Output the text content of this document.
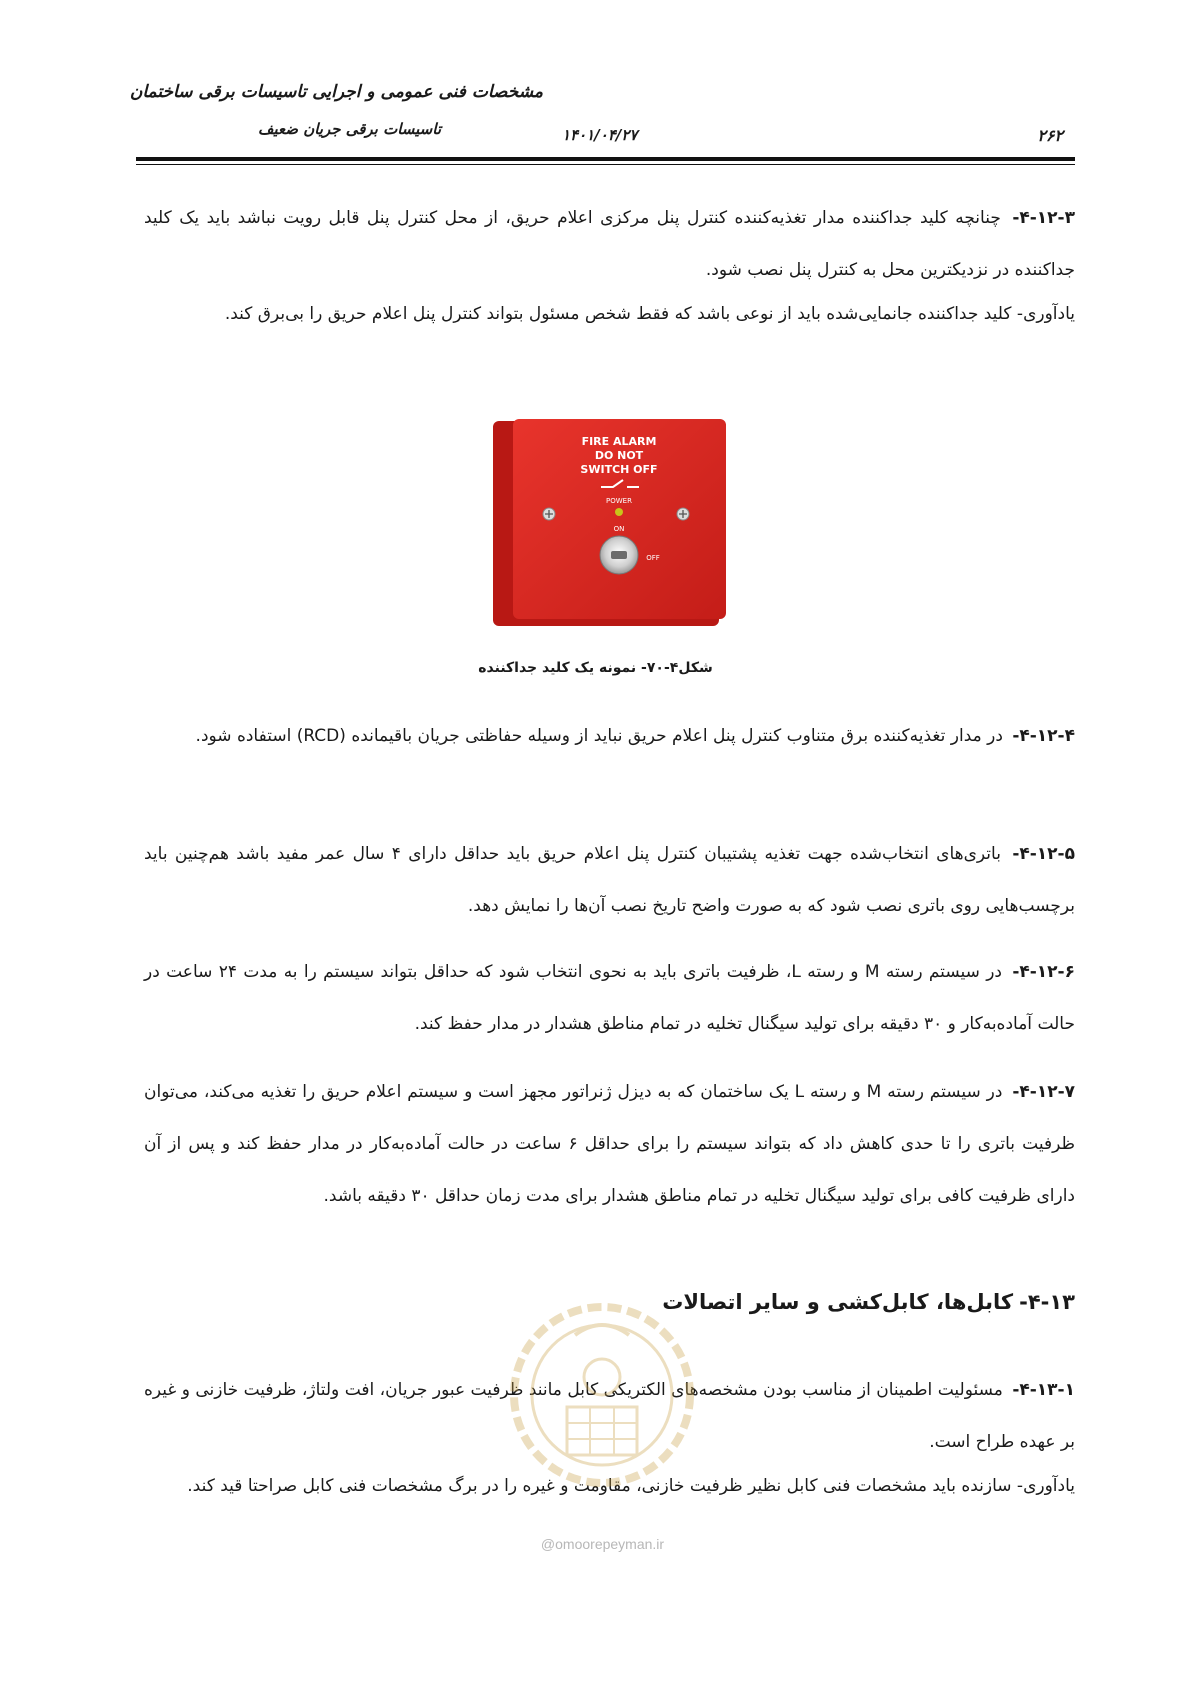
مشخصات فنی عمومی و اجرایی تاسیسات برقی ساختمان
تاسیسات برقی جریان ضعیف	۱۴۰۱/۰۴/۲۷	۲۶۲
۴-۱۲-۳- چنانچه کلید جداکننده مدار تغذیه‌کننده کنترل پنل مرکزی اعلام حریق، از محل کنترل پنل قابل رویت نباشد باید یک کلید جداکننده در نزدیکترین محل به کنترل پنل نصب شود.
یادآوری- کلید جداکننده جانمایی‌شده باید از نوعی باشد که فقط شخص مسئول بتواند کنترل پنل اعلام حریق را بی‌برق کند.
FIRE ALARM
DO NOT
SWITCH OFF
POWER
ON
OFF
شکل۴-۷۰- نمونه یک کلید جداکننده
۴-۱۲-۴- در مدار تغذیه‌کننده برق متناوب کنترل پنل اعلام حریق نباید از وسیله حفاظتی جریان باقیمانده (RCD) استفاده شود.
۴-۱۲-۵- باتری‌های انتخاب‌شده جهت تغذیه پشتیبان کنترل پنل اعلام حریق باید حداقل دارای ۴ سال عمر مفید باشد هم‌چنین باید برچسب‌هایی روی باتری نصب شود که به صورت واضح تاریخ نصب آن‌ها را نمایش دهد.
۴-۱۲-۶- در سیستم رسته M و رسته L، ظرفیت باتری باید به نحوی انتخاب شود که حداقل بتواند سیستم را به مدت ۲۴ ساعت در حالت آماده‌به‌کار و ۳۰ دقیقه برای تولید سیگنال تخلیه در تمام مناطق هشدار در مدار حفظ کند.
۴-۱۲-۷- در سیستم رسته M و رسته L یک ساختمان که به دیزل ژنراتور مجهز است و سیستم اعلام حریق را تغذیه می‌کند، می‌توان ظرفیت باتری را تا حدی کاهش داد که بتواند سیستم را برای حداقل ۶ ساعت در حالت آماده‌به‌کار در مدار حفظ کند و پس از آن دارای ظرفیت کافی برای تولید سیگنال تخلیه در تمام مناطق هشدار برای مدت زمان حداقل ۳۰ دقیقه باشد.
۴-۱۳-کابل‌ها، کابل‌کشی و سایر اتصالات
۴-۱۳-۱- مسئولیت اطمینان از مناسب بودن مشخصه‌های الکتریکی کابل مانند ظرفیت عبور جریان، افت ولتاژ، ظرفیت خازنی و غیره بر عهده طراح است.
یادآوری- سازنده باید مشخصات فنی کابل نظیر ظرفیت خازنی، مقاومت و غیره را در برگ مشخصات فنی کابل صراحتا قید کند.
@omoorepeyman.ir
